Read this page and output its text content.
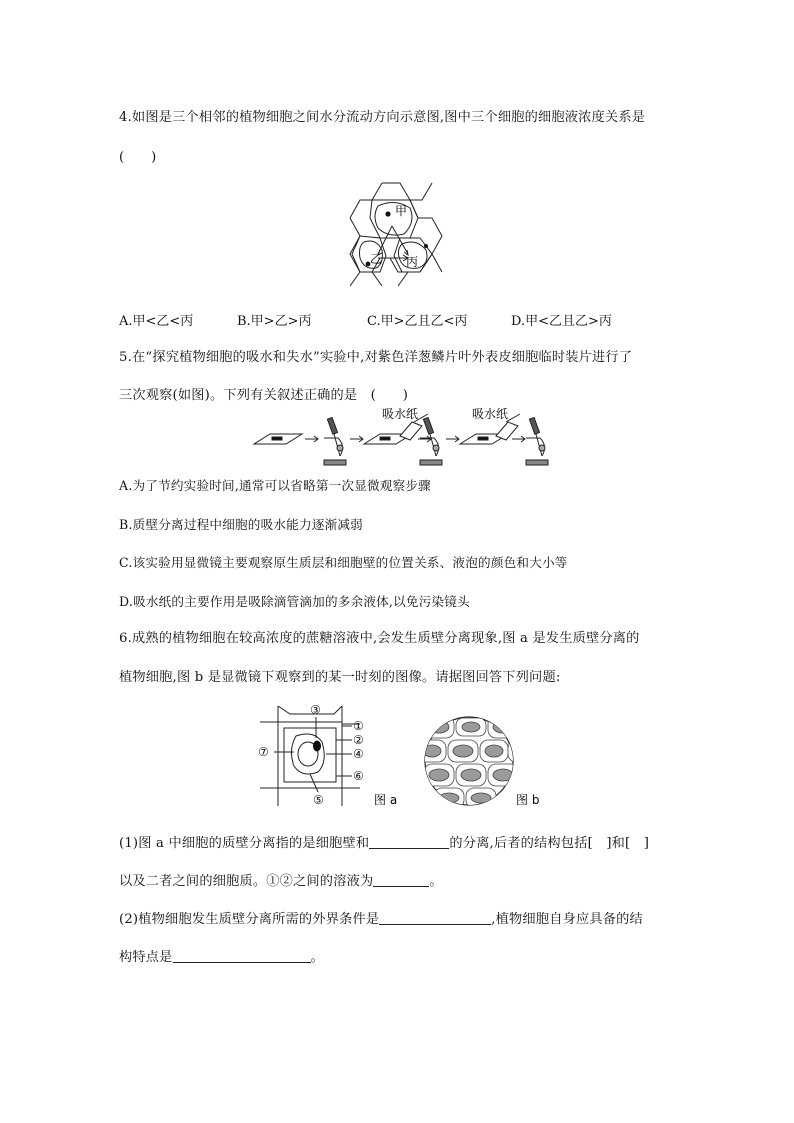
4.如图是三个相邻的植物细胞之间水分流动方向示意图,图中三个细胞的细胞液浓度关系是
(　　)
甲
乙 丙
A.甲<乙<丙	B.甲>乙>丙	C.甲>乙且乙<丙	D.甲<乙且乙>丙
5.在“探究植物细胞的吸水和失水”实验中,对紫色洋葱鳞片叶外表皮细胞临时装片进行了
三次观察(如图)。下列有关叙述正确的是　(　　)
吸水纸	吸水纸
A.为了节约实验时间,通常可以省略第一次显微观察步骤
B.质壁分离过程中细胞的吸水能力逐渐减弱
C.该实验用显微镜主要观察原生质层和细胞壁的位置关系、液泡的颜色和大小等
D.吸水纸的主要作用是吸除滴管滴加的多余液体,以免污染镜头
6.成熟的植物细胞在较高浓度的蔗糖溶液中,会发生质壁分离现象,图 a 是发生质壁分离的
植物细胞,图 b 是显微镜下观察到的某一时刻的图像。请据图回答下列问题:
①
②
③
④
⑤
⑥
⑦
图 a	图 b
(1)图 a 中细胞的质壁分离指的是细胞壁和	的分离,后者的结构包括[　]和[　]
以及二者之间的细胞质。①②之间的溶液为	。
(2)植物细胞发生质壁分离所需的外界条件是	,植物细胞自身应具备的结
构特点是	。
